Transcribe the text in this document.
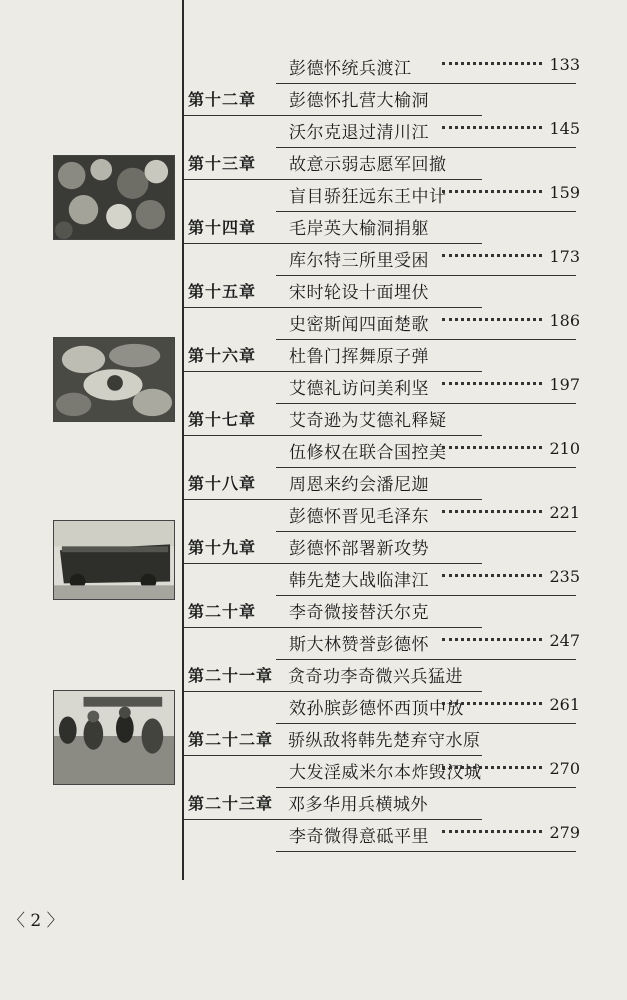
彭德怀统兵渡江	133
第十二章 彭德怀扎营大榆洞
沃尔克退过清川江	145
第十三章 故意示弱志愿军回撤
盲目骄狂远东王中计	159
第十四章 毛岸英大榆洞捐躯
库尔特三所里受困	173
第十五章 宋时轮设十面埋伏
史密斯闻四面楚歌	186
第十六章 杜鲁门挥舞原子弹
艾德礼访问美利坚	197
第十七章 艾奇逊为艾德礼释疑
伍修权在联合国控美	210
第十八章 周恩来约会潘尼迦
彭德怀晋见毛泽东	221
第十九章 彭德怀部署新攻势
韩先楚大战临津江	235
第二十章 李奇微接替沃尔克
斯大林赞誉彭德怀	247
第二十一章 贪奇功李奇微兴兵猛进
效孙膑彭德怀西顶中放	261
第二十二章 骄纵敌将韩先楚弃守水原
大发淫威米尔本炸毁汉城	270
第二十三章 邓多华用兵横城外
李奇微得意砥平里	279
〈 2 〉
